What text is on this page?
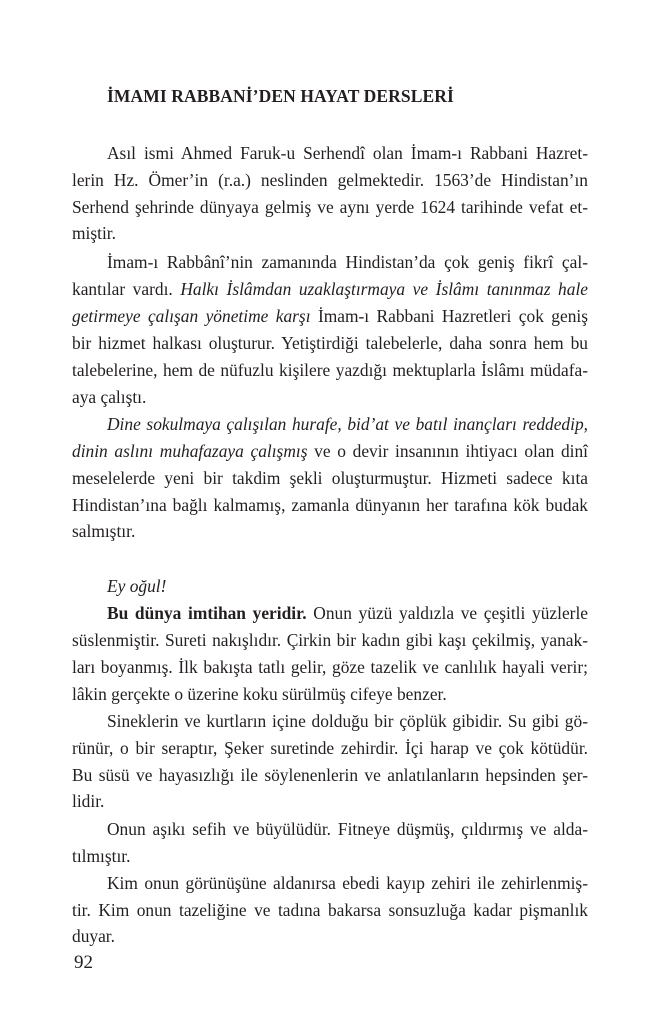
İMAMI RABBANİ’DEN HAYAT DERSLERİ
Asıl ismi Ahmed Faruk-u Serhendî olan İmam-ı Rabbani Hazret-
lerin Hz. Ömer’in (r.a.) neslinden gelmektedir. 1563’de Hindistan’ın
Serhend şehrinde dünyaya gelmiş ve aynı yerde 1624 tarihinde vefat et-
miştir.
İmam-ı Rabbânî’nin zamanında Hindistan’da çok geniş fikrî çal-
kantılar vardı. Halkı İslâmdan uzaklaştırmaya ve İslâmı tanınmaz hale
getirmeye çalışan yönetime karşı İmam-ı Rabbani Hazretleri çok geniş
bir hizmet halkası oluşturur. Yetiştirdiği talebelerle, daha sonra hem bu
talebelerine, hem de nüfuzlu kişilere yazdığı mektuplarla İslâmı müdafa-
aya çalıştı.
Dine sokulmaya çalışılan hurafe, bid’at ve batıl inançları reddedip,
dinin aslını muhafazaya çalışmış ve o devir insanının ihtiyacı olan dinî
meselelerde yeni bir takdim şekli oluşturmuştur. Hizmeti sadece kıta
Hindistan’ına bağlı kalmamış, zamanla dünyanın her tarafına kök budak
salmıştır.
Ey oğul!
Bu dünya imtihan yeridir. Onun yüzü yaldızla ve çeşitli yüzlerle
süslenmiştir. Sureti nakışlıdır. Çirkin bir kadın gibi kaşı çekilmiş, yanak-
ları boyanmış. İlk bakışta tatlı gelir, göze tazelik ve canlılık hayali verir;
lâkin gerçekte o üzerine koku sürülmüş cifeye benzer.
Sineklerin ve kurtların içine dolduğu bir çöplük gibidir. Su gibi gö-
rünür, o bir seraptır, Şeker suretinde zehirdir. İçi harap ve çok kötüdür.
Bu süsü ve hayasızlığı ile söylenenlerin ve anlatılanların hepsinden şer-
lidir.
Onun aşıkı sefih ve büyülüdür. Fitneye düşmüş, çıldırmış ve alda-
tılmıştır.
Kim onun görünüşüne aldanırsa ebedi kayıp zehiri ile zehirlenmiş-
tir. Kim onun tazeliğine ve tadına bakarsa sonsuzluğa kadar pişmanlık
duyar.
92
